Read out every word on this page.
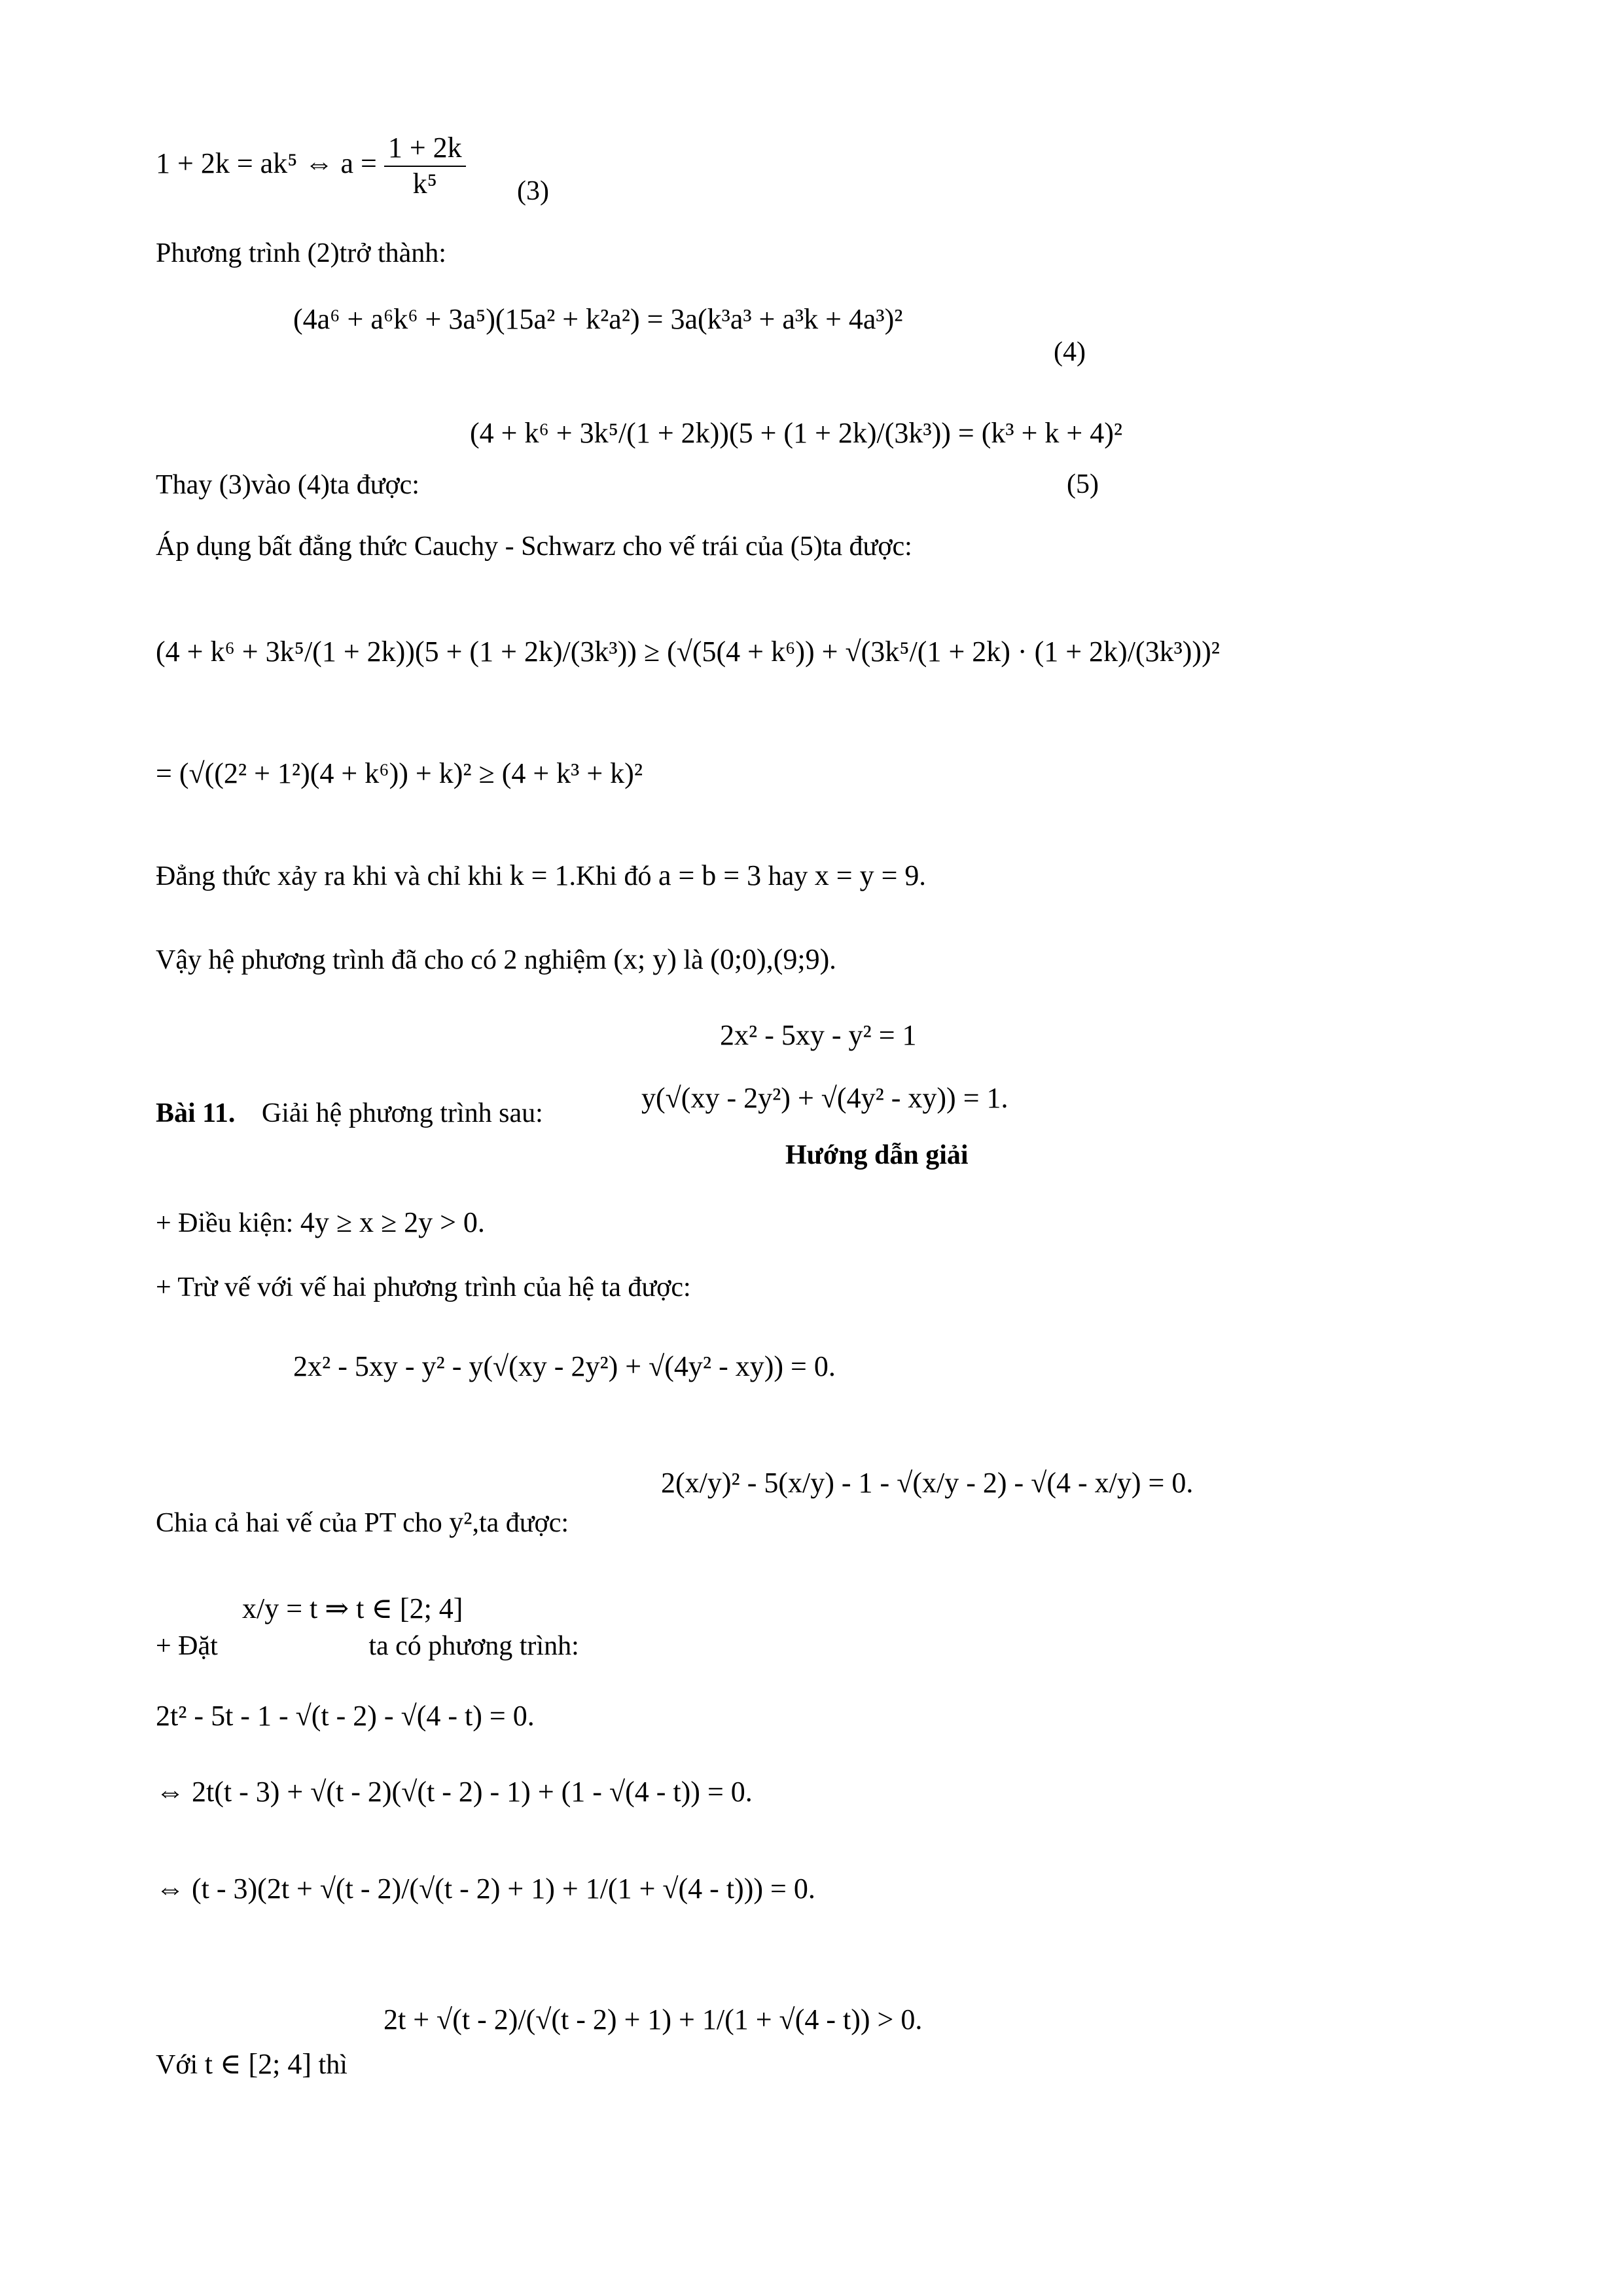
1 + 2k = ak⁵ ⇔ $a = \frac{1 + 2k}{\text{k⁵}} (3)$
Phương trình (2)trở thành:
(4a⁶ + a⁶k⁶ + 3a⁵)(15a² + k²a²) = 3a(k³a³ + a³k + 4a³)²
(4)
(4 + k⁶ + 3k⁵/(1 + 2k))(5 + (1 + 2k)/(3k³)) = (k³ + k + 4)²
Thay (3)vào (4)ta được:	(5)
Áp dụng bất đẳng thức Cauchy - Schwarz cho vế trái của (5)ta được:
(4 + k⁶ + 3k⁵/(1 + 2k))(5 + (1 + 2k)/(3k³)) ≥ (√(5(4 + k⁶)) + √(3k⁵/(1 + 2k) · (1 + 2k)/(3k³)))²
= (√((2² + 1²)(4 + k⁶)) + k)² ≥ (4 + k³ + k)²
Đẳng thức xảy ra khi và chỉ khi k = 1.Khi đó a = b = 3 hay x = y = 9.
Vậy hệ phương trình đã cho có 2 nghiệm (x; y) là (0;0),(9;9).
2x² - 5xy - y² = 1
y(√(xy - 2y²) + √(4y² - xy)) = 1.
Bài 11. Giải hệ phương trình sau:
Hướng dẫn giải
+ Điều kiện: 4y ≥ x ≥ 2y > 0.
+ Trừ vế với vế hai phương trình của hệ ta được:
2x² - 5xy - y² - y(√(xy - 2y²) + √(4y² - xy)) = 0.
2(x/y)² - 5(x/y) - 1 - √(x/y - 2) - √(4 - x/y) = 0.
Chia cả hai vế của PT cho y²,ta được:
x/y = t ⇒ t ∈ [2; 4]
+ Đặt	ta có phương trình:
2t² - 5t - 1 - √(t - 2) - √(4 - t) = 0.
⇔ 2t(t - 3) + √(t - 2)(√(t - 2) - 1) + (1 - √(4 - t)) = 0.
⇔ (t - 3)(2t + √(t - 2)/(√(t - 2) + 1) + 1/(1 + √(4 - t))) = 0.
2t + √(t - 2)/(√(t - 2) + 1) + 1/(1 + √(4 - t)) > 0.
Với t ∈ [2; 4] thì
